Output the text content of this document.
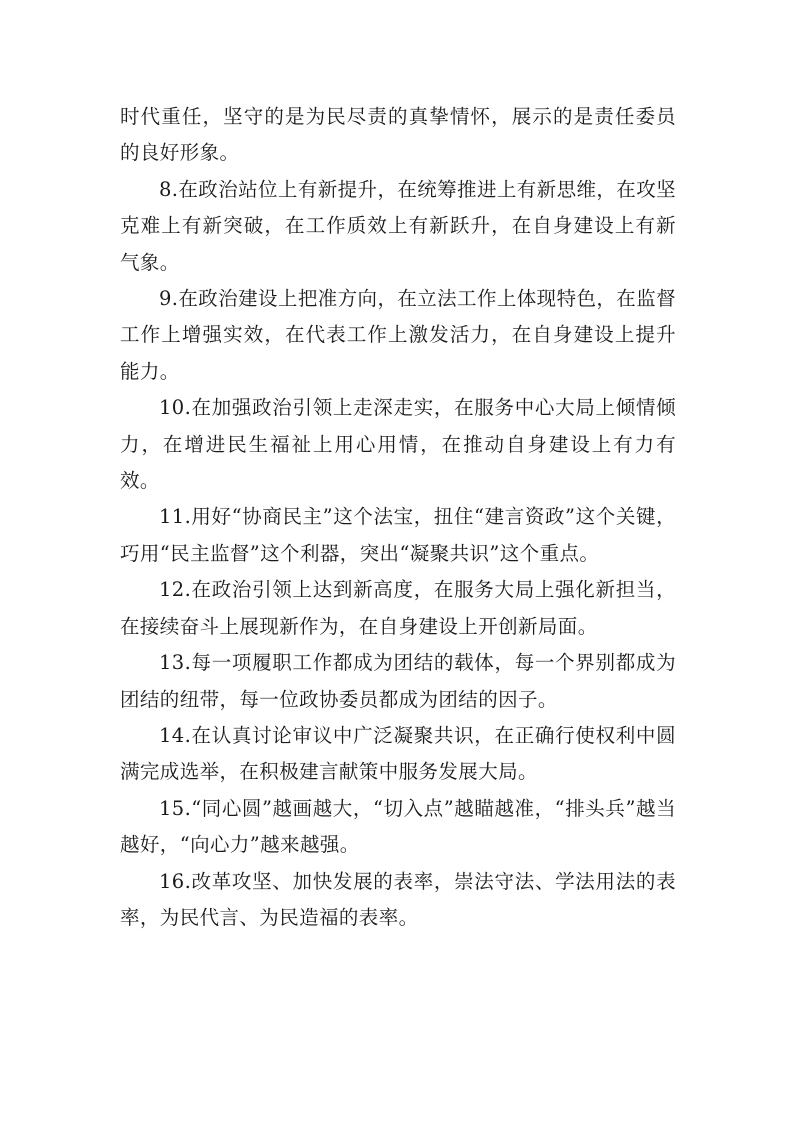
时代重任，坚守的是为民尽责的真挚情怀，展示的是责任委员的良好形象。

8.在政治站位上有新提升，在统筹推进上有新思维，在攻坚克难上有新突破，在工作质效上有新跃升，在自身建设上有新气象。

9.在政治建设上把准方向，在立法工作上体现特色，在监督工作上增强实效，在代表工作上激发活力，在自身建设上提升能力。

10.在加强政治引领上走深走实，在服务中心大局上倾情倾力，在增进民生福祉上用心用情，在推动自身建设上有力有效。

11.用好“协商民主”这个法宝，扭住“建言资政”这个关键，巧用“民主监督”这个利器，突出“凝聚共识”这个重点。

12.在政治引领上达到新高度，在服务大局上强化新担当，在接续奋斗上展现新作为，在自身建设上开创新局面。

13.每一项履职工作都成为团结的载体，每一个界别都成为团结的纽带，每一位政协委员都成为团结的因子。

14.在认真讨论审议中广泛凝聚共识，在正确行使权利中圆满完成选举，在积极建言献策中服务发展大局。

15.“同心圆”越画越大，“切入点”越瞄越准，“排头兵”越当越好，“向心力”越来越强。

16.改革攻坚、加快发展的表率，崇法守法、学法用法的表率，为民代言、为民造福的表率。
